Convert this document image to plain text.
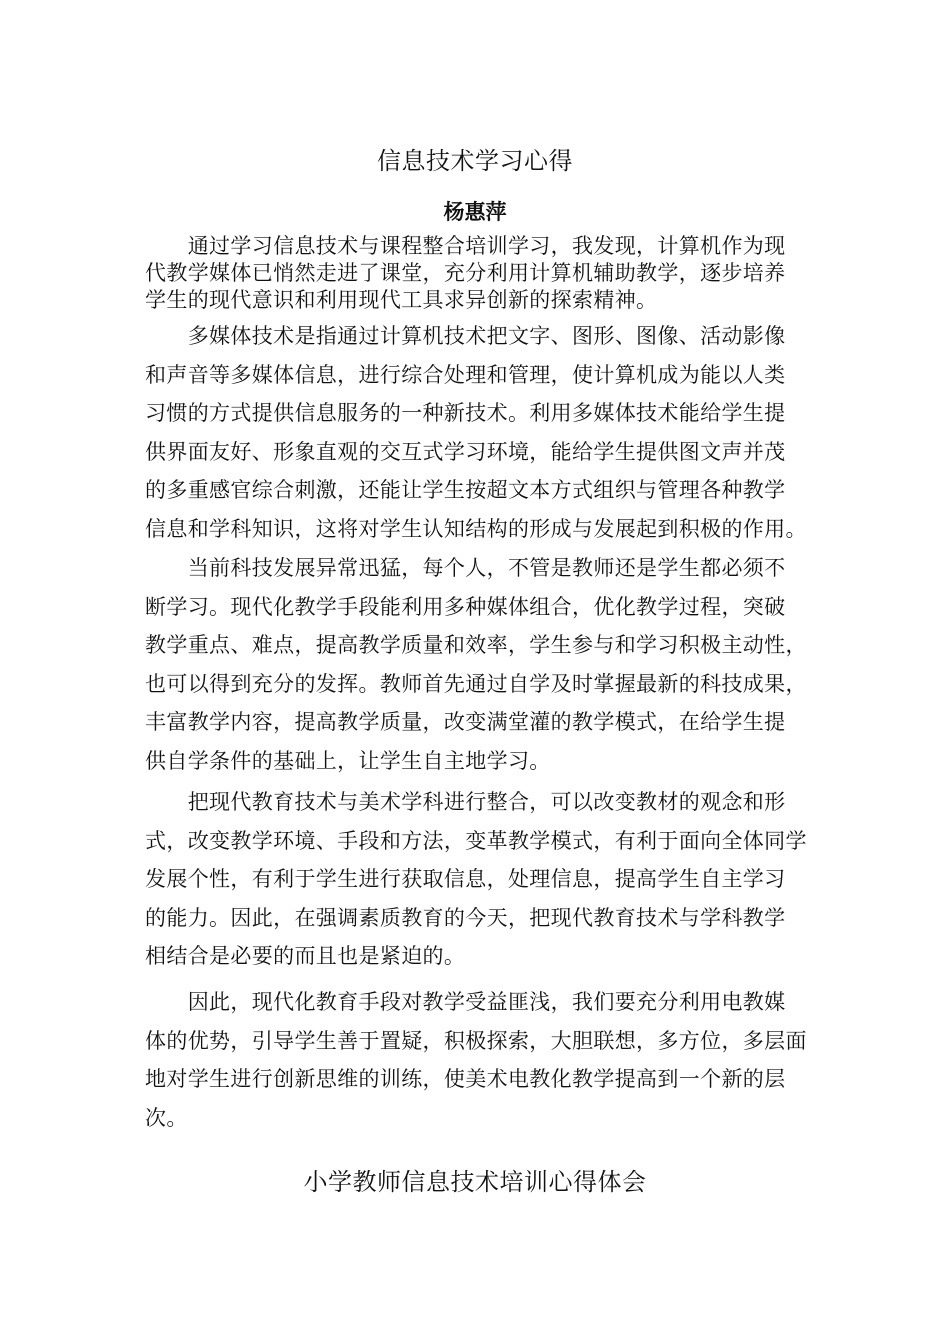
信息技术学习心得
杨惠萍

　　通过学习信息技术与课程整合培训学习，我发现，计算机作为现
代教学媒体已悄然走进了课堂，充分利用计算机辅助教学，逐步培养
学生的现代意识和利用现代工具求异创新的探索精神。

　　多媒体技术是指通过计算机技术把文字、图形、图像、活动影像
和声音等多媒体信息，进行综合处理和管理，使计算机成为能以人类
习惯的方式提供信息服务的一种新技术。利用多媒体技术能给学生提
供界面友好、形象直观的交互式学习环境，能给学生提供图文声并茂
的多重感官综合刺激，还能让学生按超文本方式组织与管理各种教学
信息和学科知识，这将对学生认知结构的形成与发展起到积极的作用。

　　当前科技发展异常迅猛，每个人，不管是教师还是学生都必须不
断学习。现代化教学手段能利用多种媒体组合，优化教学过程，突破
教学重点、难点，提高教学质量和效率，学生参与和学习积极主动性，
也可以得到充分的发挥。教师首先通过自学及时掌握最新的科技成果，
丰富教学内容，提高教学质量，改变满堂灌的教学模式，在给学生提
供自学条件的基础上，让学生自主地学习。

　　把现代教育技术与美术学科进行整合，可以改变教材的观念和形
式，改变教学环境、手段和方法，变革教学模式，有利于面向全体同学
发展个性，有利于学生进行获取信息，处理信息，提高学生自主学习
的能力。因此，在强调素质教育的今天，把现代教育技术与学科教学
相结合是必要的而且也是紧迫的。

　　因此，现代化教育手段对教学受益匪浅，我们要充分利用电教媒
体的优势，引导学生善于置疑，积极探索，大胆联想，多方位，多层面
地对学生进行创新思维的训练，使美术电教化教学提高到一个新的层
次。

小学教师信息技术培训心得体会
